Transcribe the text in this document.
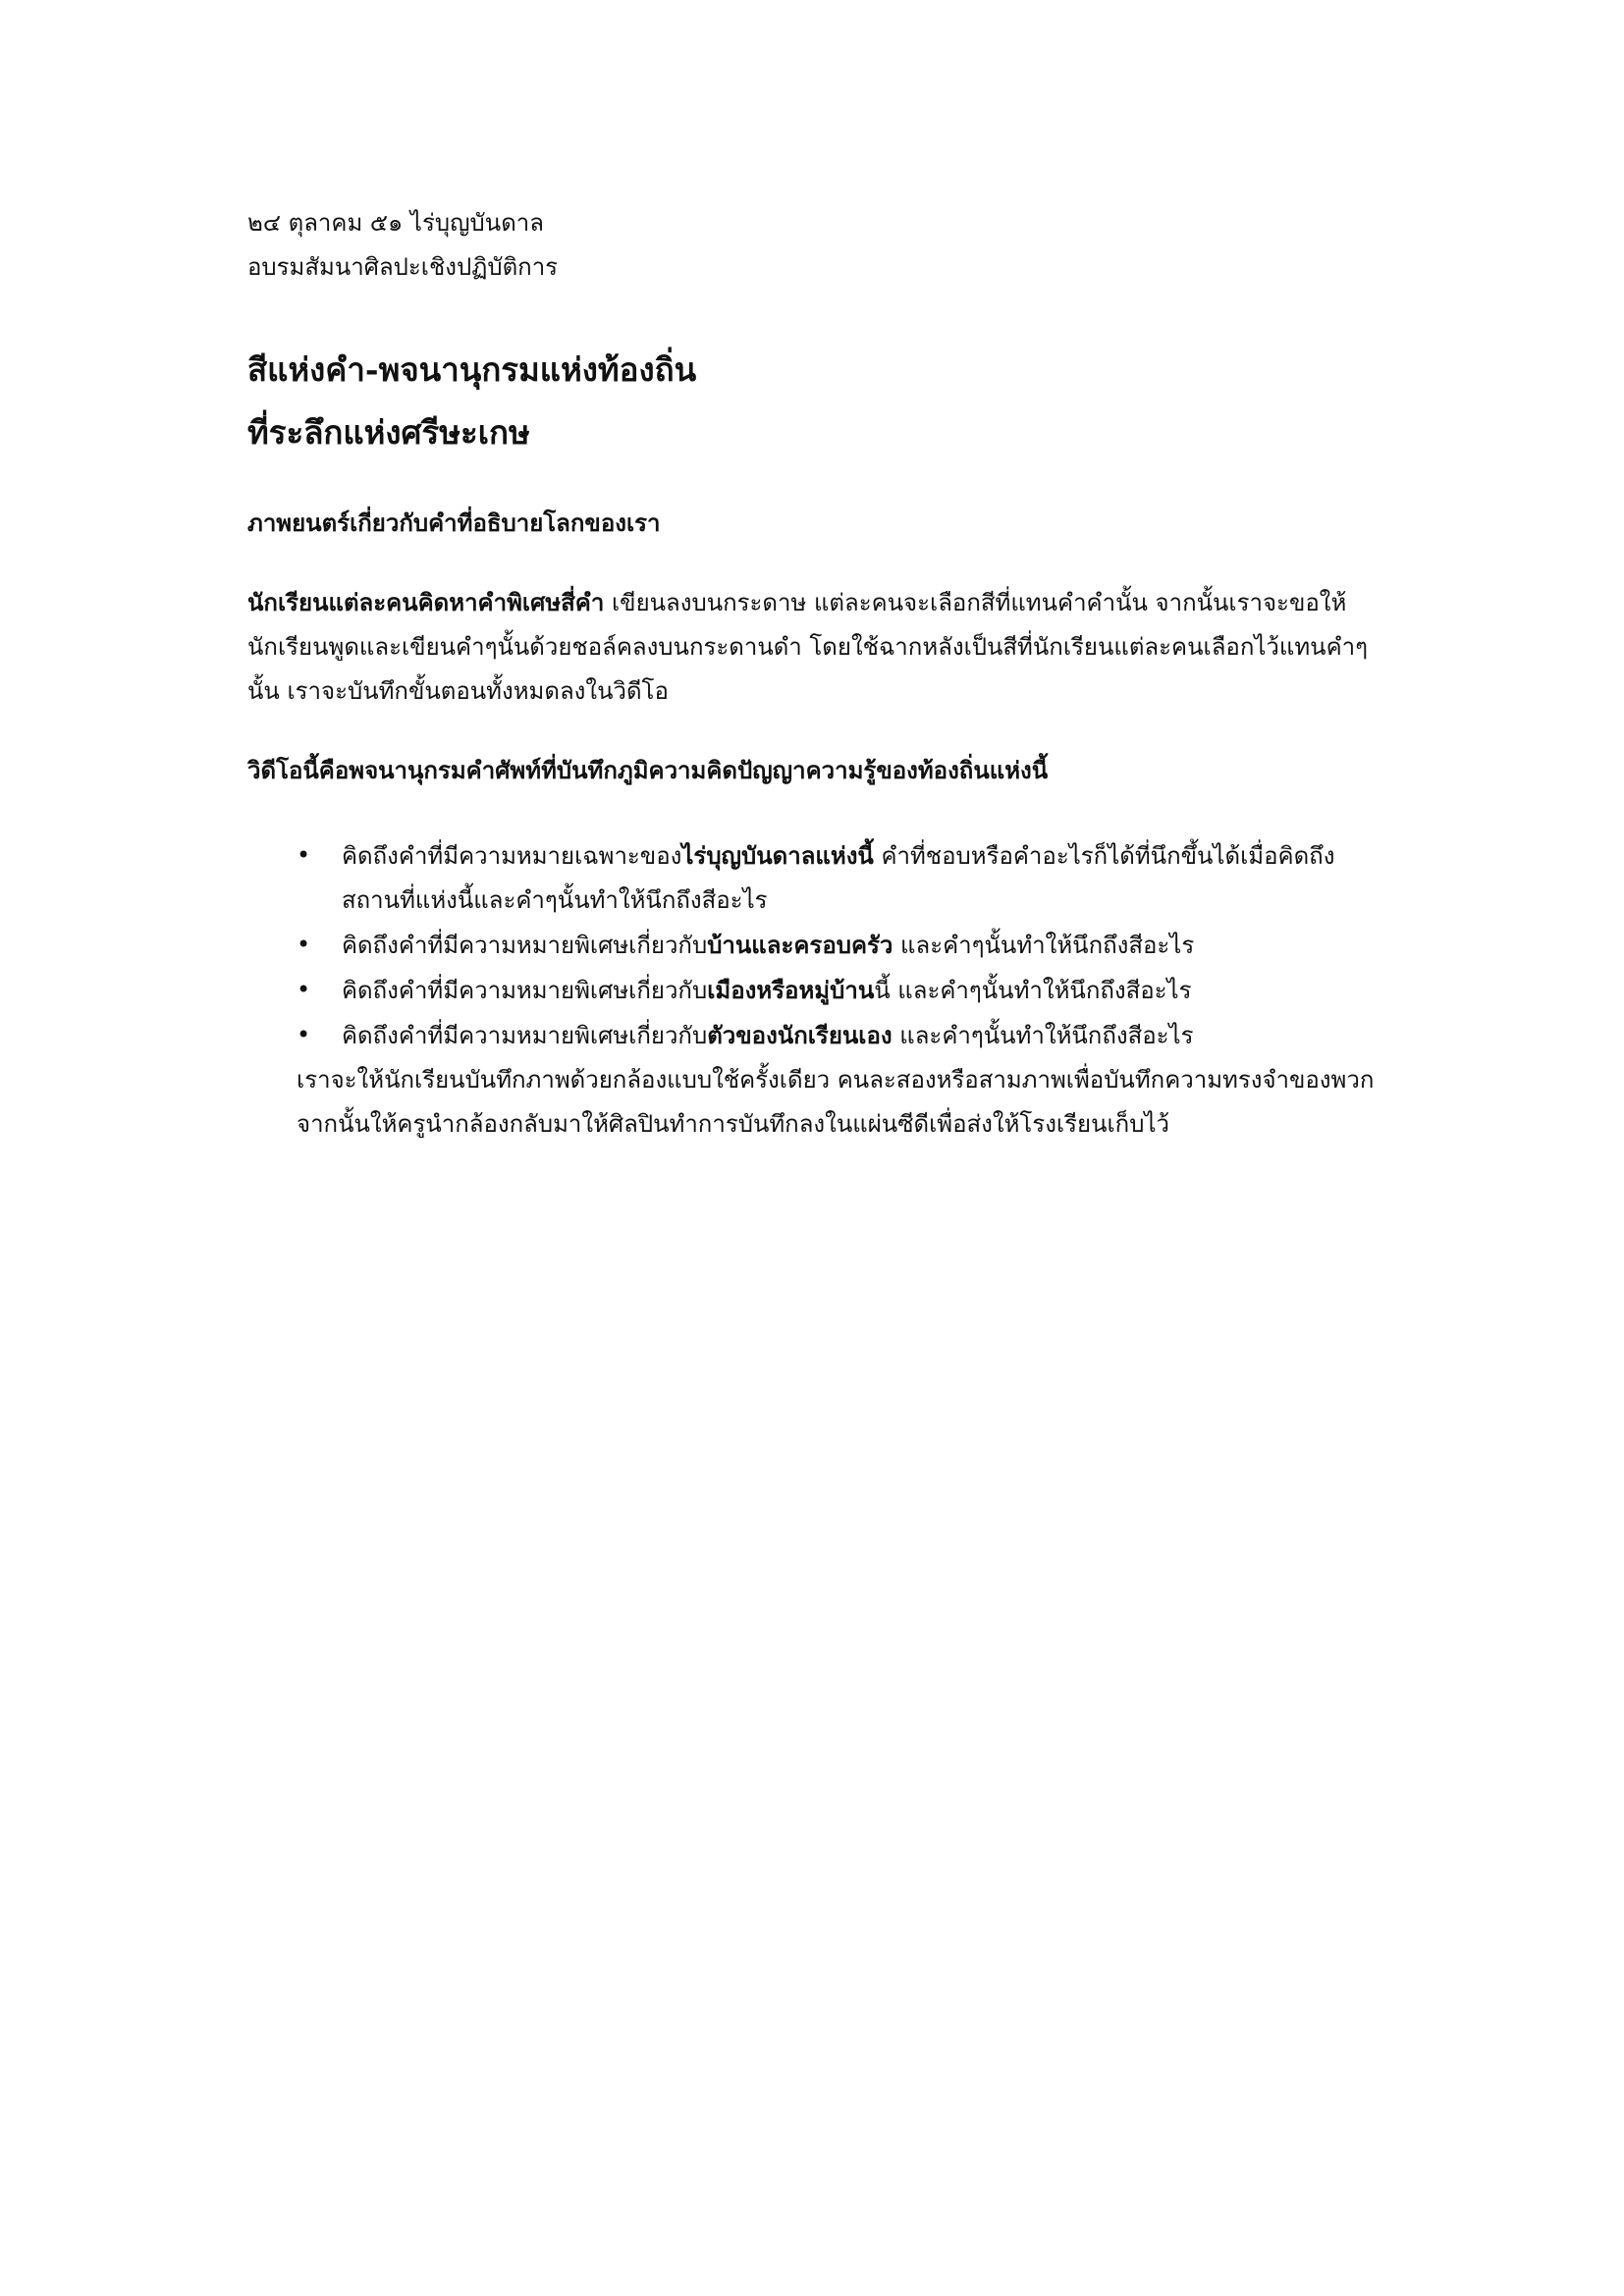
๒๔ ตุลาคม ๕๑ ไร่บุญบันดาล

อบรมสัมนาศิลปะเชิงปฏิบัติการ

สีแห่งคำ-พจนานุกรมแห่งท้องถิ่น

ที่ระลึกแห่งศรีษะเกษ

ภาพยนตร์เกี่ยวกับคำที่อธิบายโลกของเรา

นักเรียนแต่ละคนคิดหาคำพิเศษสี่คำ เขียนลงบนกระดาษ แต่ละคนจะเลือกสีที่แทนคำคำนั้น จากนั้นเราจะขอให้นักเรียนพูดและเขียนคำๆนั้นด้วยชอล์คลงบนกระดานดำ โดยใช้ฉากหลังเป็นสีที่นักเรียนแต่ละคนเลือกไว้แทนคำๆนั้น เราจะบันทึกขั้นตอนทั้งหมดลงในวิดีโอ

วิดีโอนี้คือพจนานุกรมคำศัพท์ที่บันทึกภูมิความคิดปัญญาความรู้ของท้องถิ่นแห่งนี้

• คิดถึงคำที่มีความหมายเฉพาะของไร่บุญบันดาลแห่งนี้ คำที่ชอบหรือคำอะไรก็ได้ที่นึกขึ้นได้เมื่อคิดถึงสถานที่แห่งนี้และคำๆนั้นทำให้นึกถึงสีอะไร
• คิดถึงคำที่มีความหมายพิเศษเกี่ยวกับบ้านและครอบครัว และคำๆนั้นทำให้นึกถึงสีอะไร
• คิดถึงคำที่มีความหมายพิเศษเกี่ยวกับเมืองหรือหมู่บ้านนี้ และคำๆนั้นทำให้นึกถึงสีอะไร
• คิดถึงคำที่มีความหมายพิเศษเกี่ยวกับตัวของนักเรียนเอง และคำๆนั้นทำให้นึกถึงสีอะไร

เราจะให้นักเรียนบันทึกภาพด้วยกล้องแบบใช้ครั้งเดียว คนละสองหรือสามภาพเพื่อบันทึกความทรงจำของพวก จากนั้นให้ครูนำกล้องกลับมาให้ศิลปินทำการบันทึกลงในแผ่นซีดีเพื่อส่งให้โรงเรียนเก็บไว้
